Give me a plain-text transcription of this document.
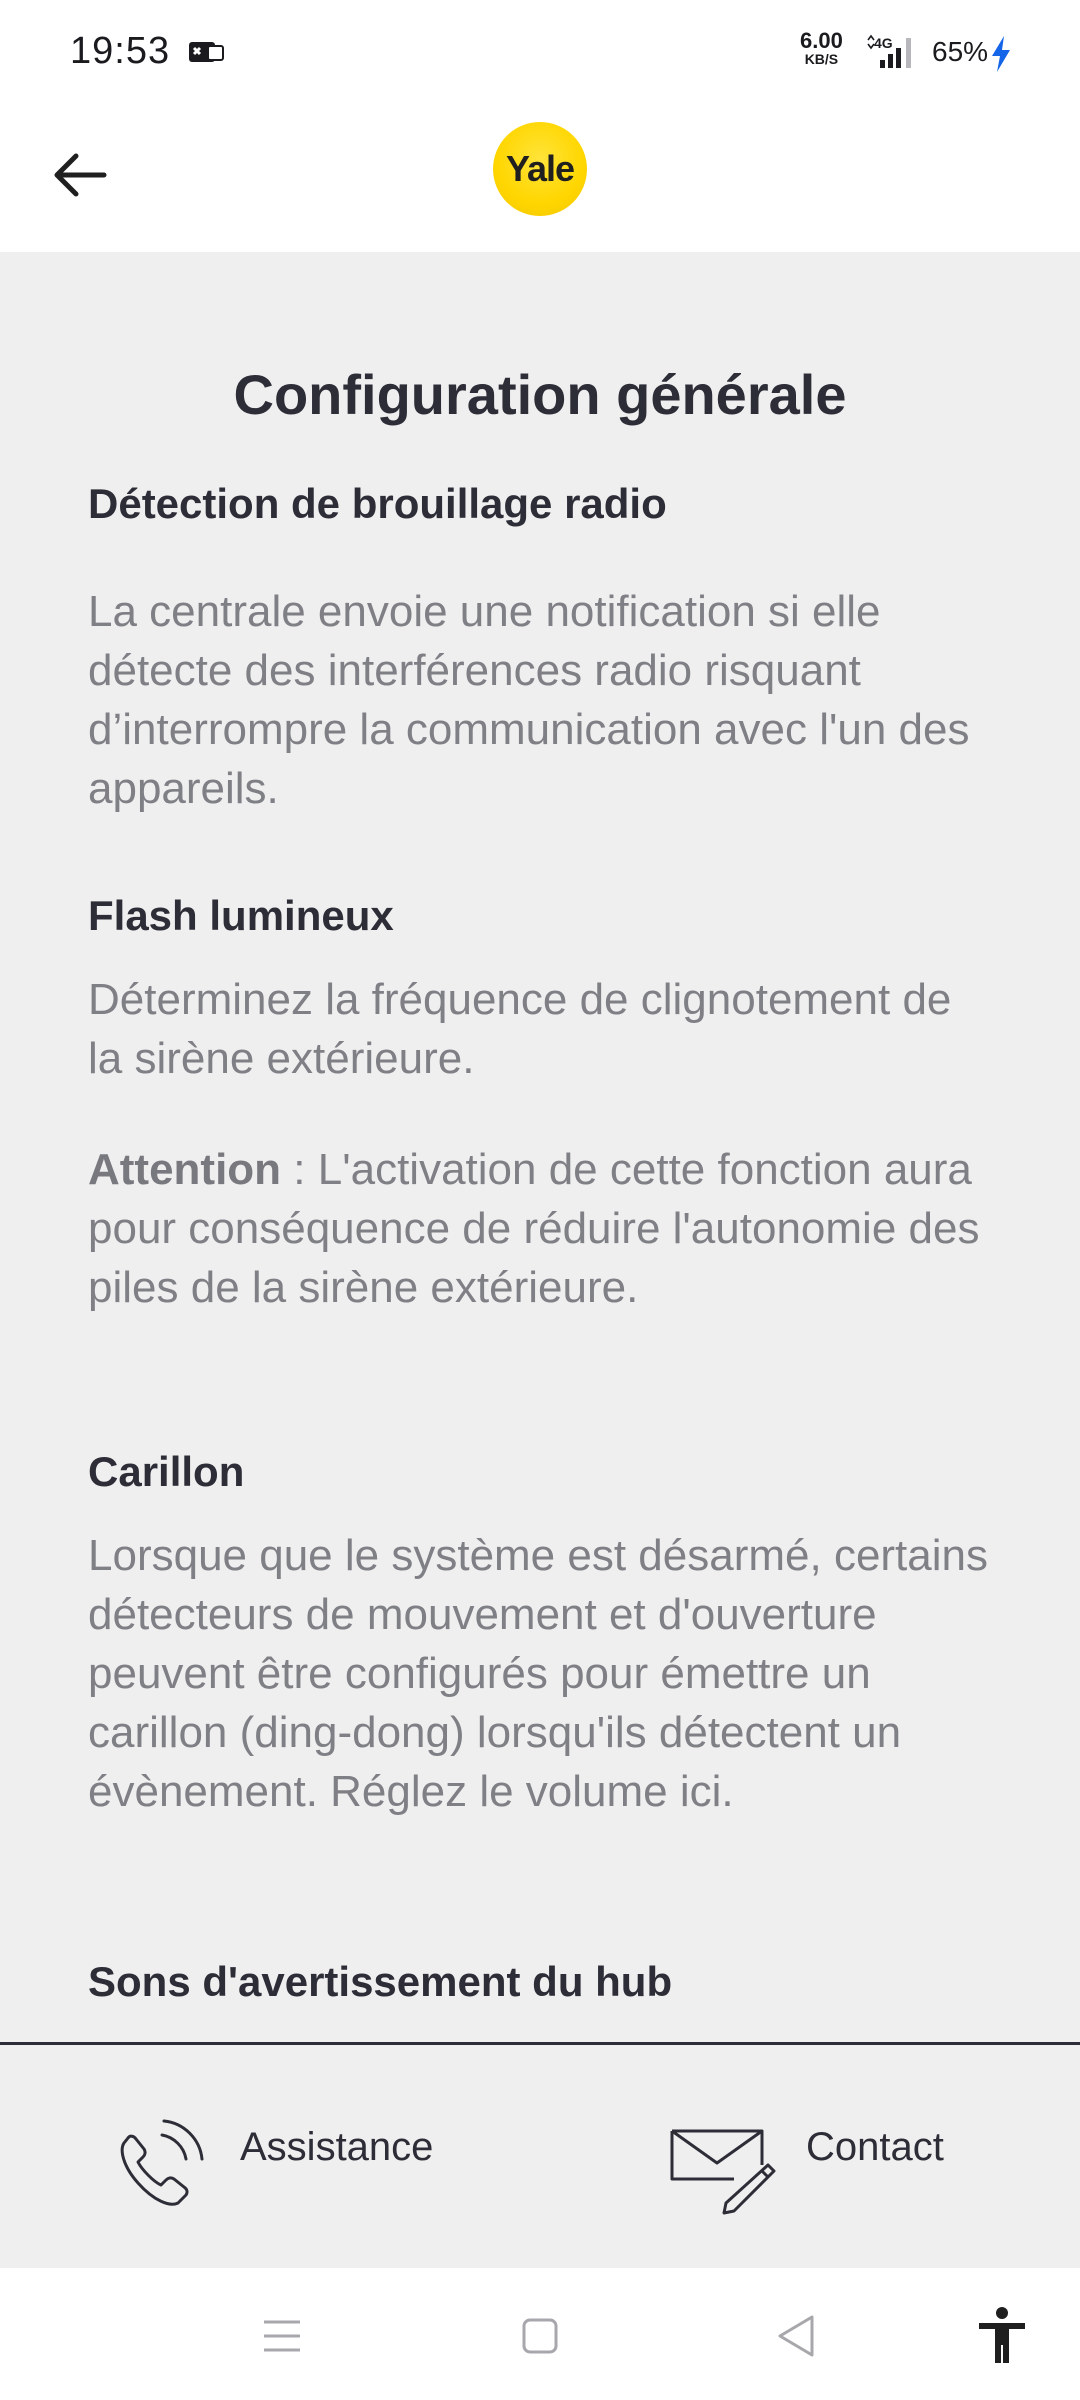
19:53	6.00
KB/S
4G 65%
Yale
Configuration générale
Détection de brouillage radio

La centrale envoie une notification si elle détecte des interférences radio risquant d’interrompre la communication avec l'un des appareils.

Flash lumineux

Déterminez la fréquence de clignotement de la sirène extérieure.

Attention : L'activation de cette fonction aura pour conséquence de réduire l'autonomie des piles de la sirène extérieure.

Carillon

Lorsque que le système est désarmé, certains détecteurs de mouvement et d'ouverture peuvent être configurés pour émettre un carillon (ding-dong) lorsqu'ils détectent un évènement. Réglez le volume ici.

Sons d'avertissement du hub
Assistance	Contact
